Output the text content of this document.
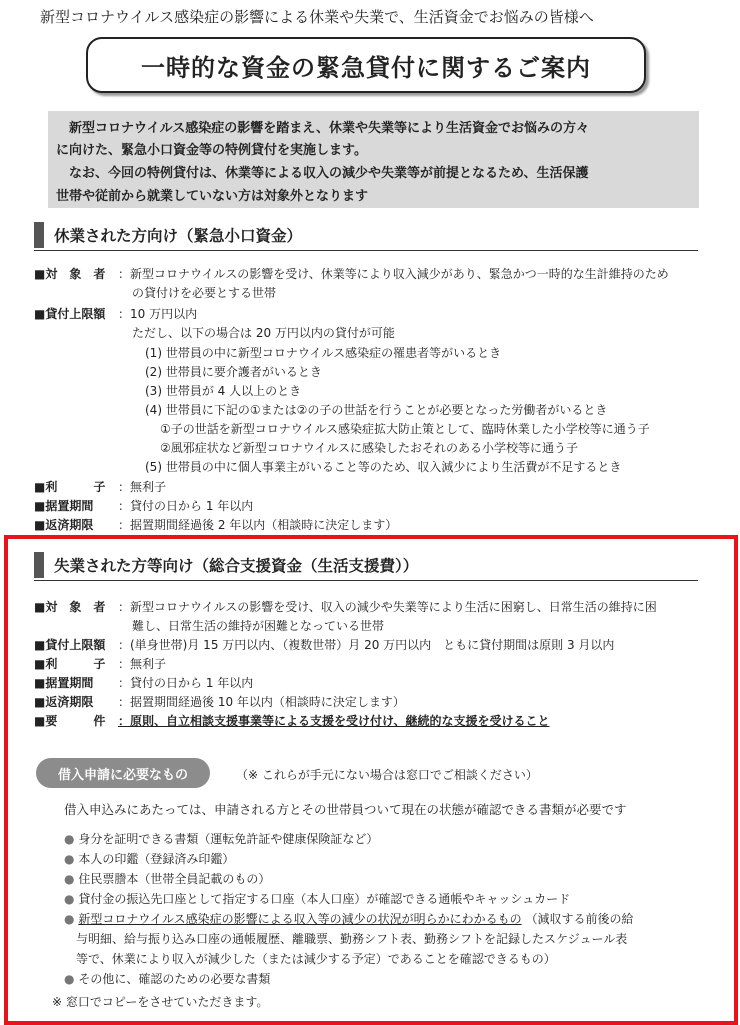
新型コロナウイルス感染症の影響による休業や失業で、生活資金でお悩みの皆様へ
一時的な資金の緊急貸付に関するご案内
　新型コロナウイルス感染症の影響を踏まえ、休業や失業等により生活資金でお悩みの方々
に向けた、緊急小口資金等の特例貸付を実施します。
　なお、今回の特例貸付は、休業等による収入の減少や失業等が前提となるため、生活保護
世帯や従前から就業していない方は対象外となります
休業された方向け（緊急小口資金）
■対　象　者 ：新型コロナウイルスの影響を受け、休業等により収入減少があり、緊急かつ一時的な生計維持のため
の貸付けを必要とする世帯
■貸付上限額 ：10 万円以内
ただし、以下の場合は 20 万円以内の貸付が可能
(1) 世帯員の中に新型コロナウイルス感染症の罹患者等がいるとき
(2) 世帯員に要介護者がいるとき
(3) 世帯員が 4 人以上のとき
(4) 世帯員に下記の①または②の子の世話を行うことが必要となった労働者がいるとき
①子の世話を新型コロナウイルス感染症拡大防止策として、臨時休業した小学校等に通う子
②風邪症状など新型コロナウイルスに感染したおそれのある小学校等に通う子
(5) 世帯員の中に個人事業主がいること等のため、収入減少により生活費が不足するとき
■利　　　子 ：無利子
■据置期間 ：貸付の日から 1 年以内
■返済期限 ：据置期間経過後 2 年以内（相談時に決定します）
失業された方等向け（総合支援資金（生活支援費））
■対　象　者 ：新型コロナウイルスの影響を受け、収入の減少や失業等により生活に困窮し、日常生活の維持に困
難し、日常生活の維持が困難となっている世帯
■貸付上限額 ：(単身世帯)月 15 万円以内、（複数世帯）月 20 万円以内　ともに貸付期間は原則 3 月以内
■利　　　子 ：無利子
■据置期間 ：貸付の日から 1 年以内
■返済期限 ：据置期間経過後 10 年以内（相談時に決定します）
■要　　　件 ：原則、自立相談支援事業等による支援を受け付け、継続的な支援を受けること
借入申請に必要なもの	（※ これらが手元にない場合は窓口でご相談ください）
借入申込みにあたっては、申請される方とその世帯員ついて現在の状態が確認できる書類が必要です
● 身分を証明できる書類（運転免許証や健康保険証など）
● 本人の印鑑（登録済み印鑑）
● 住民票謄本（世帯全員記載のもの）
● 貸付金の振込先口座として指定する口座（本人口座）が確認できる通帳やキャッシュカード
● 新型コロナウイルス感染症の影響による収入等の減少の状況が明らかにわかるもの （減収する前後の給
与明細、給与振り込み口座の通帳履歴、離職票、勤務シフト表、勤務シフトを記録したスケジュール表
等で、休業により収入が減少した（または減少する予定）であることを確認できるもの）
● その他に、確認のための必要な書類
※ 窓口でコピーをさせていただきます。
